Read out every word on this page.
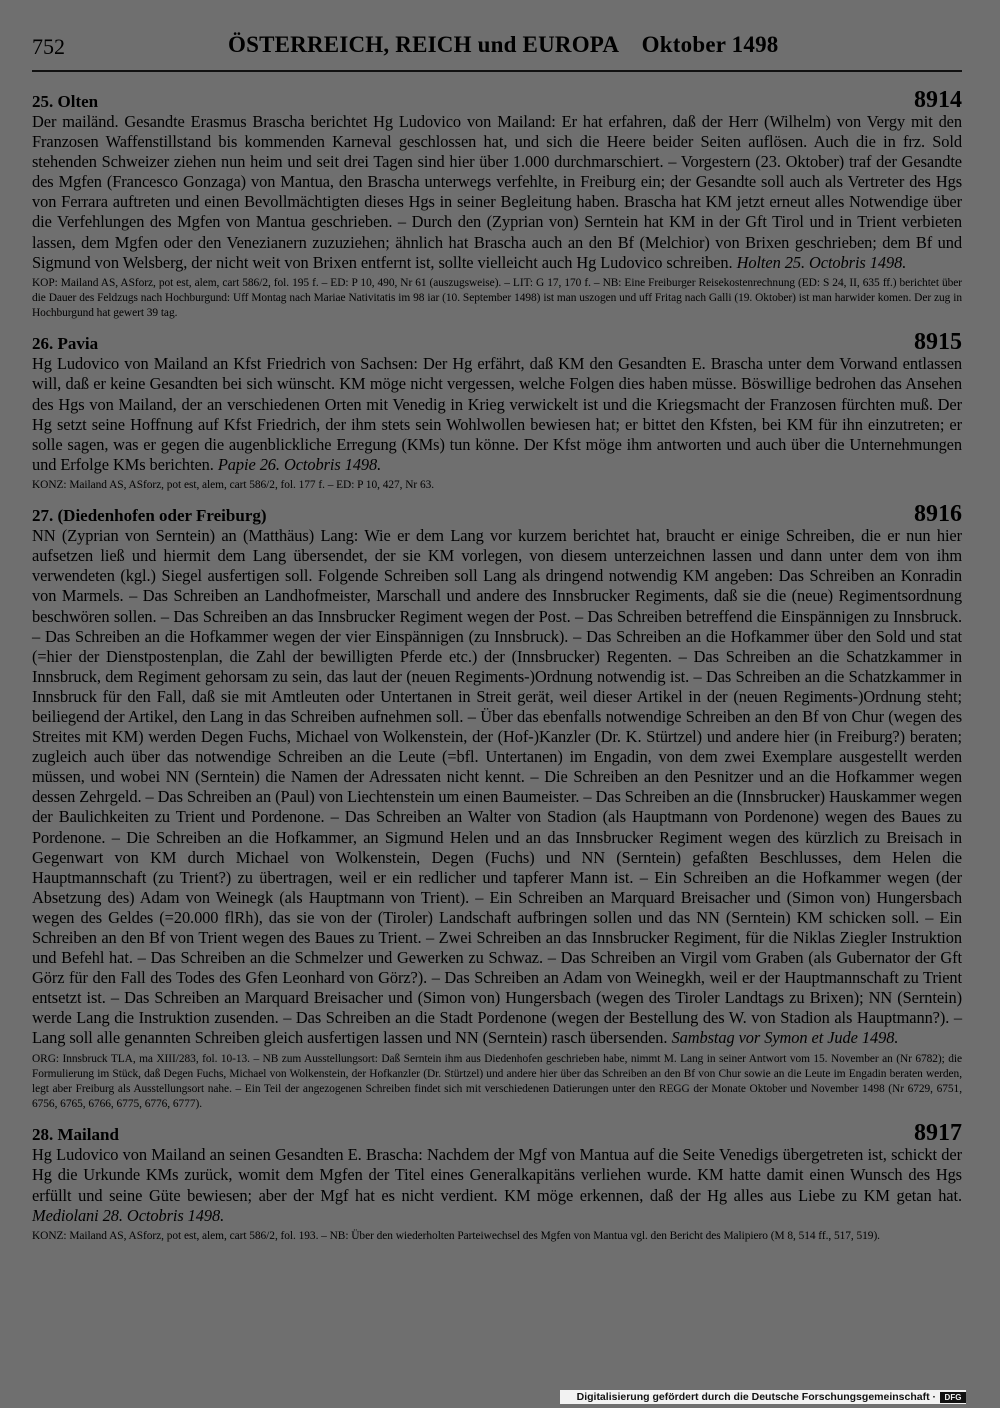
752	ÖSTERREICH, REICH und EUROPA    Oktober 1498
25. Olten	8914

Der mailänd. Gesandte Erasmus Brascha berichtet Hg Ludovico von Mailand: Er hat erfahren, daß der Herr (Wilhelm) von Vergy mit den Franzosen Waffenstillstand bis kommenden Karneval geschlossen hat, und sich die Heere beider Seiten auflösen. Auch die in frz. Sold stehenden Schweizer ziehen nun heim und seit drei Tagen sind hier über 1.000 durchmarschiert. – Vorgestern (23. Oktober) traf der Gesandte des Mgfen (Francesco Gonzaga) von Mantua, den Brascha unterwegs verfehlte, in Freiburg ein; der Gesandte soll auch als Vertreter des Hgs von Ferrara auftreten und einen Bevollmächtigten dieses Hgs in seiner Begleitung haben. Brascha hat KM jetzt erneut alles Notwendige über die Verfehlungen des Mgfen von Mantua geschrieben. – Durch den (Zyprian von) Serntein hat KM in der Gft Tirol und in Trient verbieten lassen, dem Mgfen oder den Venezianern zuzuziehen; ähnlich hat Brascha auch an den Bf (Melchior) von Brixen geschrieben; dem Bf und Sigmund von Welsberg, der nicht weit von Brixen entfernt ist, sollte vielleicht auch Hg Ludovico schreiben. Holten 25. Octobris 1498.

KOP: Mailand AS, ASforz, pot est, alem, cart 586/2, fol. 195 f. – ED: P 10, 490, Nr 61 (auszugsweise). – LIT: G 17, 170 f. – NB: Eine Freiburger Reisekostenrechnung (ED: S 24, II, 635 ff.) berichtet über die Dauer des Feldzugs nach Hochburgund: Uff Montag nach Mariae Nativitatis im 98 iar (10. September 1498) ist man uszogen und uff Fritag nach Galli (19. Oktober) ist man harwider komen. Der zug in Hochburgund hat gewert 39 tag.

26. Pavia	8915

Hg Ludovico von Mailand an Kfst Friedrich von Sachsen: Der Hg erfährt, daß KM den Gesandten E. Brascha unter dem Vorwand entlassen will, daß er keine Gesandten bei sich wünscht. KM möge nicht vergessen, welche Folgen dies haben müsse. Böswillige bedrohen das Ansehen des Hgs von Mailand, der an verschiedenen Orten mit Venedig in Krieg verwickelt ist und die Kriegsmacht der Franzosen fürchten muß. Der Hg setzt seine Hoffnung auf Kfst Friedrich, der ihm stets sein Wohlwollen bewiesen hat; er bittet den Kfsten, bei KM für ihn einzutreten; er solle sagen, was er gegen die augenblickliche Erregung (KMs) tun könne. Der Kfst möge ihm antworten und auch über die Unternehmungen und Erfolge KMs berichten. Papie 26. Octobris 1498.

KONZ: Mailand AS, ASforz, pot est, alem, cart 586/2, fol. 177 f. – ED: P 10, 427, Nr 63.

27. (Diedenhofen oder Freiburg)	8916

NN (Zyprian von Serntein) an (Matthäus) Lang: Wie er dem Lang vor kurzem berichtet hat, braucht er einige Schreiben, die er nun hier aufsetzen ließ und hiermit dem Lang übersendet, der sie KM vorlegen, von diesem unterzeichnen lassen und dann unter dem von ihm verwendeten (kgl.) Siegel ausfertigen soll. Folgende Schreiben soll Lang als dringend notwendig KM angeben: Das Schreiben an Konradin von Marmels. – Das Schreiben an Landhofmeister, Marschall und andere des Innsbrucker Regiments, daß sie die (neue) Regimentsordnung beschwören sollen. – Das Schreiben an das Innsbrucker Regiment wegen der Post. – Das Schreiben betreffend die Einspännigen zu Innsbruck. – Das Schreiben an die Hofkammer wegen der vier Einspännigen (zu Innsbruck). – Das Schreiben an die Hofkammer über den Sold und stat (=hier der Dienstpostenplan, die Zahl der bewilligten Pferde etc.) der (Innsbrucker) Regenten. – Das Schreiben an die Schatzkammer in Innsbruck, dem Regiment gehorsam zu sein, das laut der (neuen Regiments-)Ordnung notwendig ist. – Das Schreiben an die Schatzkammer in Innsbruck für den Fall, daß sie mit Amtleuten oder Untertanen in Streit gerät, weil dieser Artikel in der (neuen Regiments-)Ordnung steht; beiliegend der Artikel, den Lang in das Schreiben aufnehmen soll. – Über das ebenfalls notwendige Schreiben an den Bf von Chur (wegen des Streites mit KM) werden Degen Fuchs, Michael von Wolkenstein, der (Hof-)Kanzler (Dr. K. Stürtzel) und andere hier (in Freiburg?) beraten; zugleich auch über das notwendige Schreiben an die Leute (=bfl. Untertanen) im Engadin, von dem zwei Exemplare ausgestellt werden müssen, und wobei NN (Serntein) die Namen der Adressaten nicht kennt. – Die Schreiben an den Pesnitzer und an die Hofkammer wegen dessen Zehrgeld. – Das Schreiben an (Paul) von Liechtenstein um einen Baumeister. – Das Schreiben an die (Innsbrucker) Hauskammer wegen der Baulichkeiten zu Trient und Pordenone. – Das Schreiben an Walter von Stadion (als Hauptmann von Pordenone) wegen des Baues zu Pordenone. – Die Schreiben an die Hofkammer, an Sigmund Helen und an das Innsbrucker Regiment wegen des kürzlich zu Breisach in Gegenwart von KM durch Michael von Wolkenstein, Degen (Fuchs) und NN (Serntein) gefaßten Beschlusses, dem Helen die Hauptmannschaft (zu Trient?) zu übertragen, weil er ein redlicher und tapferer Mann ist. – Ein Schreiben an die Hofkammer wegen (der Absetzung des) Adam von Weinegk (als Hauptmann von Trient). – Ein Schreiben an Marquard Breisacher und (Simon von) Hungersbach wegen des Geldes (=20.000 flRh), das sie von der (Tiroler) Landschaft aufbringen sollen und das NN (Serntein) KM schicken soll. – Ein Schreiben an den Bf von Trient wegen des Baues zu Trient. – Zwei Schreiben an das Innsbrucker Regiment, für die Niklas Ziegler Instruktion und Befehl hat. – Das Schreiben an die Schmelzer und Gewerken zu Schwaz. – Das Schreiben an Virgil vom Graben (als Gubernator der Gft Görz für den Fall des Todes des Gfen Leonhard von Görz?). – Das Schreiben an Adam von Weinegkh, weil er der Hauptmannschaft zu Trient entsetzt ist. – Das Schreiben an Marquard Breisacher und (Simon von) Hungersbach (wegen des Tiroler Landtags zu Brixen); NN (Serntein) werde Lang die Instruktion zusenden. – Das Schreiben an die Stadt Pordenone (wegen der Bestellung des W. von Stadion als Hauptmann?). – Lang soll alle genannten Schreiben gleich ausfertigen lassen und NN (Serntein) rasch übersenden. Sambstag vor Symon et Jude 1498.

ORG: Innsbruck TLA, ma XIII/283, fol. 10-13. – NB zum Ausstellungsort: Daß Serntein ihm aus Diedenhofen geschrieben habe, nimmt M. Lang in seiner Antwort vom 15. November an (Nr 6782); die Formulierung im Stück, daß Degen Fuchs, Michael von Wolkenstein, der Hofkanzler (Dr. Stürtzel) und andere hier über das Schreiben an den Bf von Chur sowie an die Leute im Engadin beraten werden, legt aber Freiburg als Ausstellungsort nahe. – Ein Teil der angezogenen Schreiben findet sich mit verschiedenen Datierungen unter den REGG der Monate Oktober und November 1498 (Nr 6729, 6751, 6756, 6765, 6766, 6775, 6776, 6777).

28. Mailand	8917

Hg Ludovico von Mailand an seinen Gesandten E. Brascha: Nachdem der Mgf von Mantua auf die Seite Venedigs übergetreten ist, schickt der Hg die Urkunde KMs zurück, womit dem Mgfen der Titel eines Generalkapitäns verliehen wurde. KM hatte damit einen Wunsch des Hgs erfüllt und seine Güte bewiesen; aber der Mgf hat es nicht verdient. KM möge erkennen, daß der Hg alles aus Liebe zu KM getan hat. Mediolani 28. Octobris 1498.

KONZ: Mailand AS, ASforz, pot est, alem, cart 586/2, fol. 193. – NB: Über den wiederholten Parteiwechsel des Mgfen von Mantua vgl. den Bericht des Malipiero (M 8, 514 ff., 517, 519).

Digitalisierung gefördert durch die Deutsche Forschungsgemeinschaft ·	DFG
